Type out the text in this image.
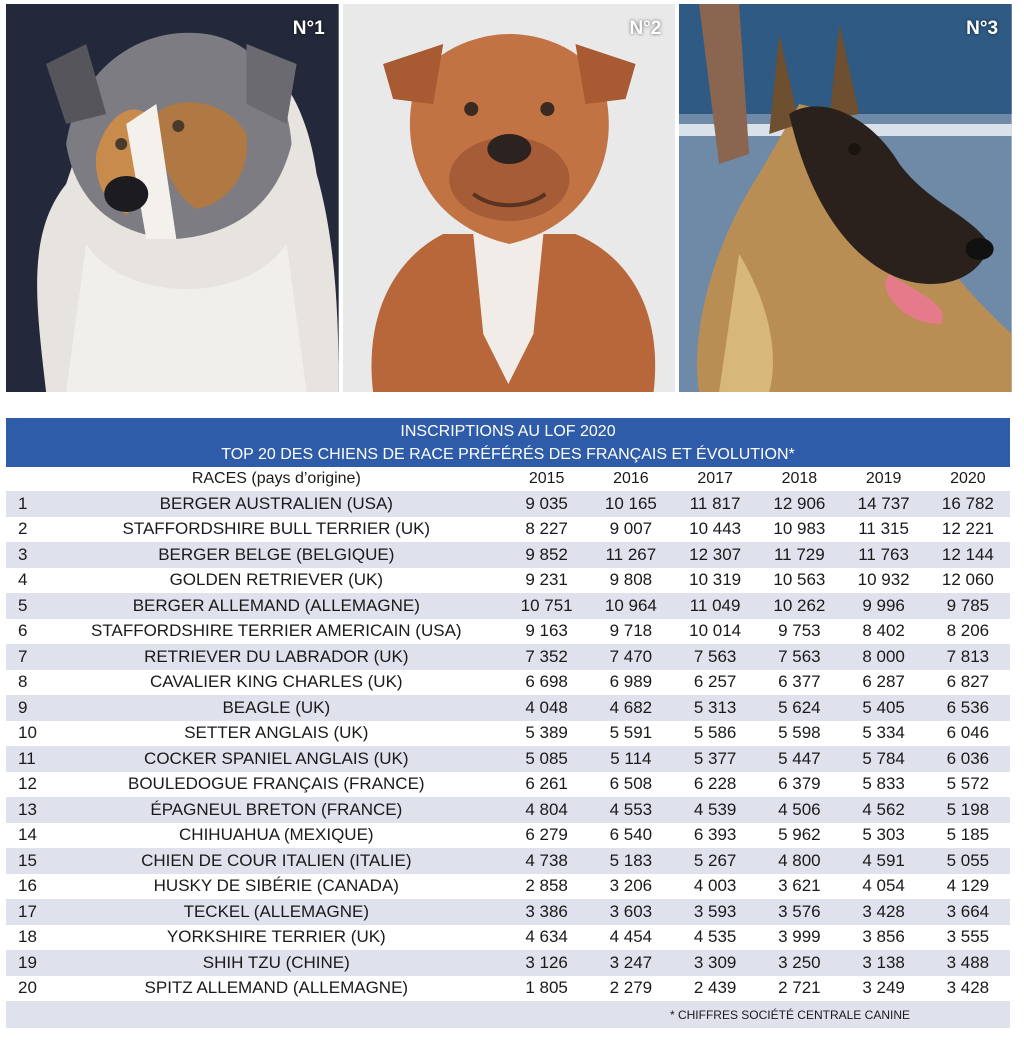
N°1	N°2	N°3
INSCRIPTIONS AU LOF 2020
TOP 20 DES CHIENS DE RACE PRÉFÉRÉS DES FRANÇAIS ET ÉVOLUTION*
	RACES (pays d’origine)	2015	2016	2017	2018	2019	2020
1	BERGER AUSTRALIEN (USA)	9 035	10 165	11 817	12 906	14 737	16 782
2	STAFFORDSHIRE BULL TERRIER (UK)	8 227	9 007	10 443	10 983	11 315	12 221
3	BERGER BELGE (BELGIQUE)	9 852	11 267	12 307	11 729	11 763	12 144
4	GOLDEN RETRIEVER (UK)	9 231	9 808	10 319	10 563	10 932	12 060
5	BERGER ALLEMAND (ALLEMAGNE)	10 751	10 964	11 049	10 262	9 996	9 785
6	STAFFORDSHIRE TERRIER AMERICAIN (USA)	9 163	9 718	10 014	9 753	8 402	8 206
7	RETRIEVER DU LABRADOR (UK)	7 352	7 470	7 563	7 563	8 000	7 813
8	CAVALIER KING CHARLES (UK)	6 698	6 989	6 257	6 377	6 287	6 827
9	BEAGLE (UK)	4 048	4 682	5 313	5 624	5 405	6 536
10	SETTER ANGLAIS (UK)	5 389	5 591	5 586	5 598	5 334	6 046
11	COCKER SPANIEL ANGLAIS (UK)	5 085	5 114	5 377	5 447	5 784	6 036
12	BOULEDOGUE FRANÇAIS (FRANCE)	6 261	6 508	6 228	6 379	5 833	5 572
13	ÉPAGNEUL BRETON (FRANCE)	4 804	4 553	4 539	4 506	4 562	5 198
14	CHIHUAHUA (MEXIQUE)	6 279	6 540	6 393	5 962	5 303	5 185
15	CHIEN DE COUR ITALIEN (ITALIE)	4 738	5 183	5 267	4 800	4 591	5 055
16	HUSKY DE SIBÉRIE (CANADA)	2 858	3 206	4 003	3 621	4 054	4 129
17	TECKEL (ALLEMAGNE)	3 386	3 603	3 593	3 576	3 428	3 664
18	YORKSHIRE TERRIER (UK)	4 634	4 454	4 535	3 999	3 856	3 555
19	SHIH TZU (CHINE)	3 126	3 247	3 309	3 250	3 138	3 488
20	SPITZ ALLEMAND (ALLEMAGNE)	1 805	2 279	2 439	2 721	3 249	3 428
* CHIFFRES SOCIÉTÉ CENTRALE CANINE							
